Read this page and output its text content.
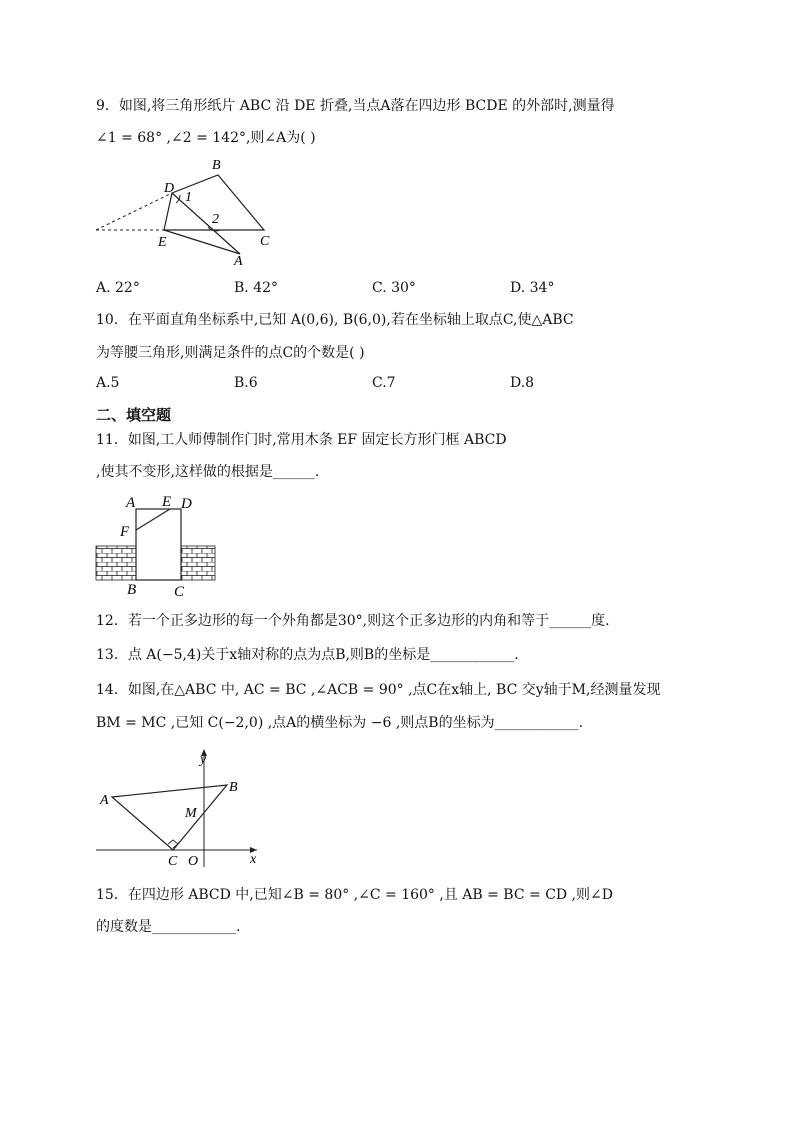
9．如图,将三角形纸片 ABC 沿 DE 折叠,当点A落在四边形 BCDE 的外部时,测量得
∠1 = 68° ,∠2 = 142°,则∠A为( )
B
D
1
2
E	C
A
A. 22°	B. 42°	C. 30°	D. 34°
10．在平面直角坐标系中,已知 A(0,6), B(6,0),若在坐标轴上取点C,使△ABC
为等腰三角形,则满足条件的点C的个数是( )
A.5	B.6	C.7	D.8
二、填空题
11．如图,工人师傅制作门时,常用木条 EF 固定长方形门框 ABCD
,使其不变形,这样做的根据是______.
A E D
F
B	C
12．若一个正多边形的每一个外角都是30°,则这个正多边形的内角和等于______度.
13．点 A(−5,4)关于x轴对称的点为点B,则B的坐标是____________.
14．如图,在△ABC 中, AC = BC ,∠ACB = 90° ,点C在x轴上, BC 交y轴于M,经测量发现
BM = MC ,已知 C(−2,0) ,点A的横坐标为 −6 ,则点B的坐标为____________.
y
A
B
M
C O	x
15．在四边形 ABCD 中,已知∠B = 80° ,∠C = 160° ,且 AB = BC = CD ,则∠D
的度数是____________.
